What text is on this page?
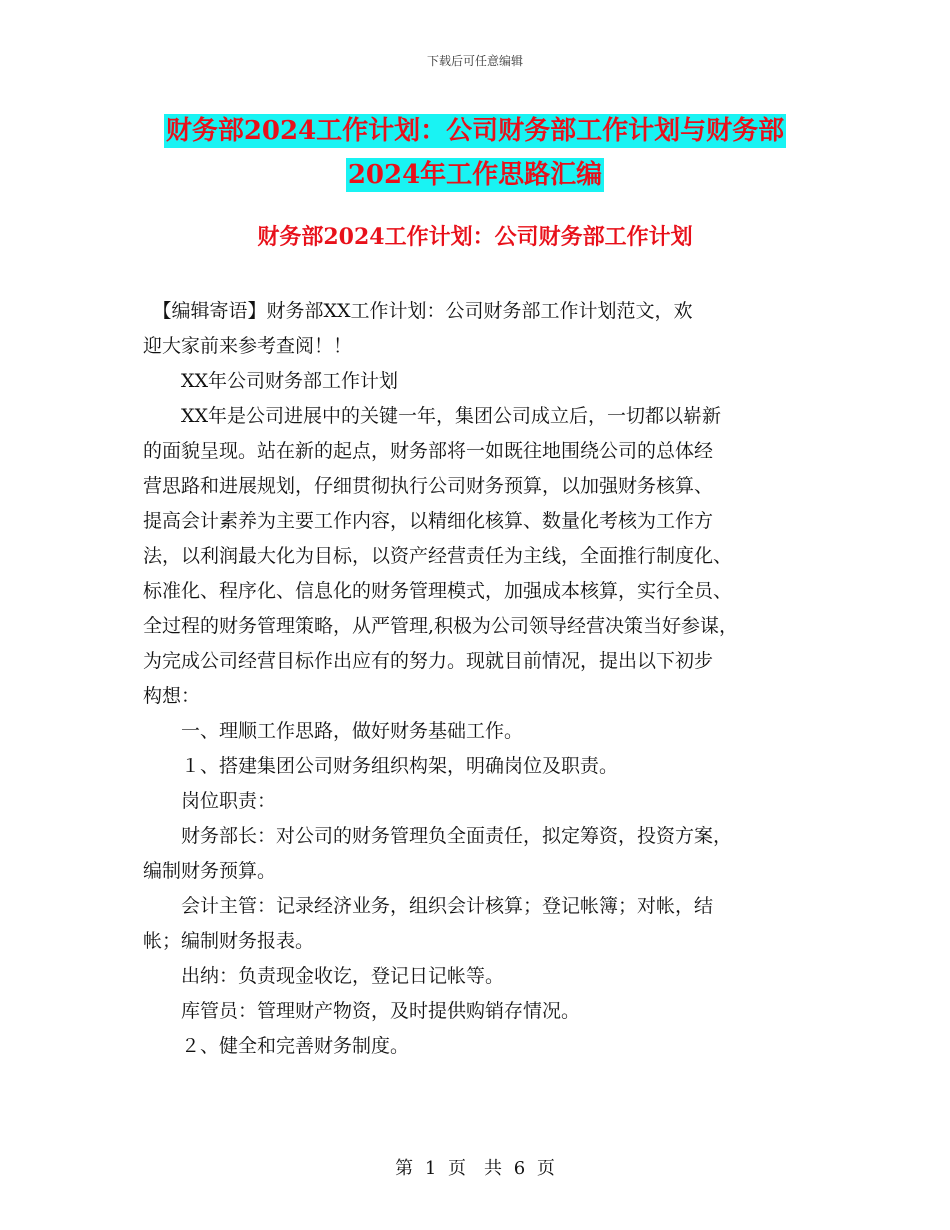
下载后可任意编辑
财务部2024工作计划：公司财务部工作计划与财务部
2024年工作思路汇编
财务部2024工作计划：公司财务部工作计划

　【编辑寄语】财务部XX工作计划：公司财务部工作计划范文，欢

迎大家前来参考查阅！！

　　XX年公司财务部工作计划

　　XX年是公司进展中的关键一年，集团公司成立后，一切都以崭新

的面貌呈现。站在新的起点，财务部将一如既往地围绕公司的总体经

营思路和进展规划，仔细贯彻执行公司财务预算，以加强财务核算、

提高会计素养为主要工作内容，以精细化核算、数量化考核为工作方

法，以利润最大化为目标，以资产经营责任为主线，全面推行制度化、

标准化、程序化、信息化的财务管理模式，加强成本核算，实行全员、

全过程的财务管理策略，从严管理,积极为公司领导经营决策当好参谋，

为完成公司经营目标作出应有的努力。现就目前情况，提出以下初步

构想：

　　一、理顺工作思路，做好财务基础工作。

　　１、搭建集团公司财务组织构架，明确岗位及职责。

　　岗位职责：

　　财务部长：对公司的财务管理负全面责任，拟定筹资，投资方案，

编制财务预算。

　　会计主管：记录经济业务，组织会计核算；登记帐簿；对帐，结

帐；编制财务报表。

　　出纳：负责现金收讫，登记日记帐等。

　　库管员：管理财产物资，及时提供购销存情况。

　　２、健全和完善财务制度。

第 1 页　共 6 页
